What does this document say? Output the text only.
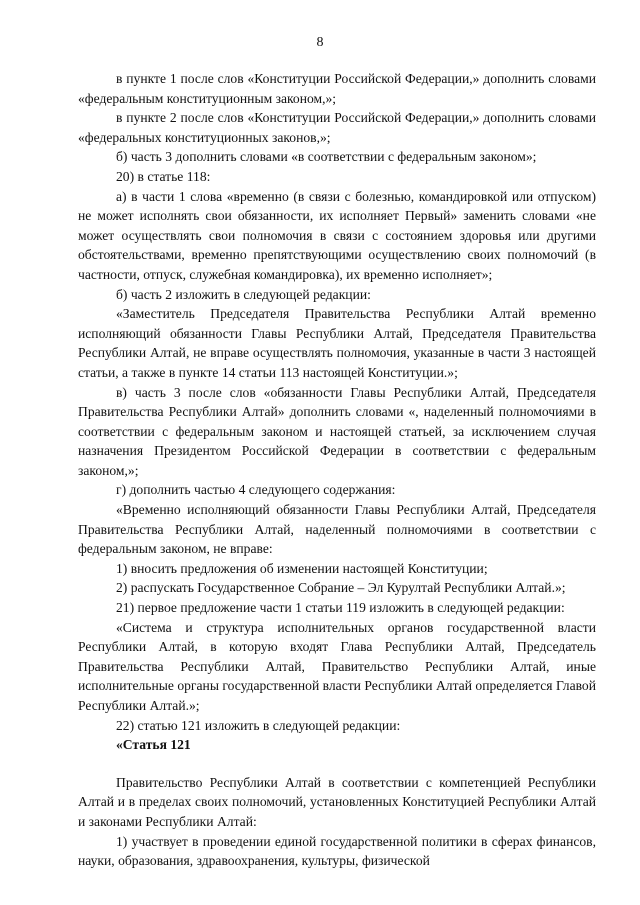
8

в пункте 1 после слов «Конституции Российской Федерации,» дополнить словами «федеральным конституционным законом,»;

в пункте 2 после слов «Конституции Российской Федерации,» дополнить словами «федеральных конституционных законов,»;

б) часть 3 дополнить словами «в соответствии с федеральным законом»;

20) в статье 118:

а) в части 1 слова «временно (в связи с болезнью, командировкой или отпуском) не может исполнять свои обязанности, их исполняет Первый» заменить словами «не может осуществлять свои полномочия в связи с состоянием здоровья или другими обстоятельствами, временно препятствующими осуществлению своих полномочий (в частности, отпуск, служебная командировка), их временно исполняет»;

б) часть 2 изложить в следующей редакции:

«Заместитель Председателя Правительства Республики Алтай временно исполняющий обязанности Главы Республики Алтай, Председателя Правительства Республики Алтай, не вправе осуществлять полномочия, указанные в части 3 настоящей статьи, а также в пункте 14 статьи 113 настоящей Конституции.»;

в) часть 3 после слов «обязанности Главы Республики Алтай, Председателя Правительства Республики Алтай» дополнить словами «, наделенный полномочиями в соответствии с федеральным законом и настоящей статьей, за исключением случая назначения Президентом Российской Федерации в соответствии с федеральным законом,»;

г) дополнить частью 4 следующего содержания:

«Временно исполняющий обязанности Главы Республики Алтай, Председателя Правительства Республики Алтай, наделенный полномочиями в соответствии с федеральным законом, не вправе:

1) вносить предложения об изменении настоящей Конституции;

2) распускать Государственное Собрание – Эл Курултай Республики Алтай.»;

21) первое предложение части 1 статьи 119 изложить в следующей редакции:

«Система и структура исполнительных органов государственной власти Республики Алтай, в которую входят Глава Республики Алтай, Председатель Правительства Республики Алтай, Правительство Республики Алтай, иные исполнительные органы государственной власти Республики Алтай определяется Главой Республики Алтай.»;

22) статью 121 изложить в следующей редакции:

«Статья 121

Правительство Республики Алтай в соответствии с компетенцией Республики Алтай и в пределах своих полномочий, установленных Конституцией Республики Алтай и законами Республики Алтай:

1) участвует в проведении единой государственной политики в сферах финансов, науки, образования, здравоохранения, культуры, физической
